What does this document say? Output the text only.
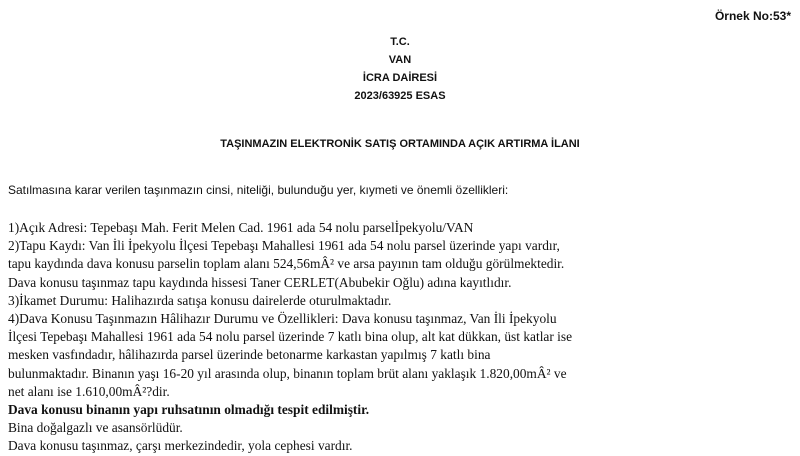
Örnek No:53*
T.C.
VAN
İCRA DAİRESİ
2023/63925 ESAS
TAŞINMAZIN ELEKTRONİK SATIŞ ORTAMINDA AÇIK ARTIRMA İLANI
Satılmasına karar verilen taşınmazın cinsi, niteliği, bulunduğu yer, kıymeti ve önemli özellikleri:
1)Açık Adresi: Tepebaşı Mah. Ferit Melen Cad. 1961 ada 54 nolu parselİpekyolu/VAN
2)Tapu Kaydı: Van İli İpekyolu İlçesi Tepebaşı Mahallesi 1961 ada 54 nolu parsel üzerinde yapı vardır,
tapu kaydında dava konusu parselin toplam alanı 524,56mÂ² ve arsa payının tam olduğu görülmektedir.
Dava konusu taşınmaz tapu kaydında hissesi Taner CERLET(Abubekir Oğlu) adına kayıtlıdır.
3)İkamet Durumu: Halihazırda satışa konusu dairelerde oturulmaktadır.
4)Dava Konusu Taşınmazın Hâlihazır Durumu ve Özellikleri: Dava konusu taşınmaz, Van İli İpekyolu
İlçesi Tepebaşı Mahallesi 1961 ada 54 nolu parsel üzerinde 7 katlı bina olup, alt kat dükkan, üst katlar ise
mesken vasfındadır, hâlihazırda parsel üzerinde betonarme karkastan yapılmış 7 katlı bina
bulunmaktadır. Binanın yaşı 16-20 yıl arasında olup, binanın toplam brüt alanı yaklaşık 1.820,00mÂ² ve
net alanı ise 1.610,00mÂ²?dir.
Dava konusu binanın yapı ruhsatının olmadığı tespit edilmiştir.
Bina doğalgazlı ve asansörlüdür.
Dava konusu taşınmaz, çarşı merkezindedir, yola cephesi vardır.
